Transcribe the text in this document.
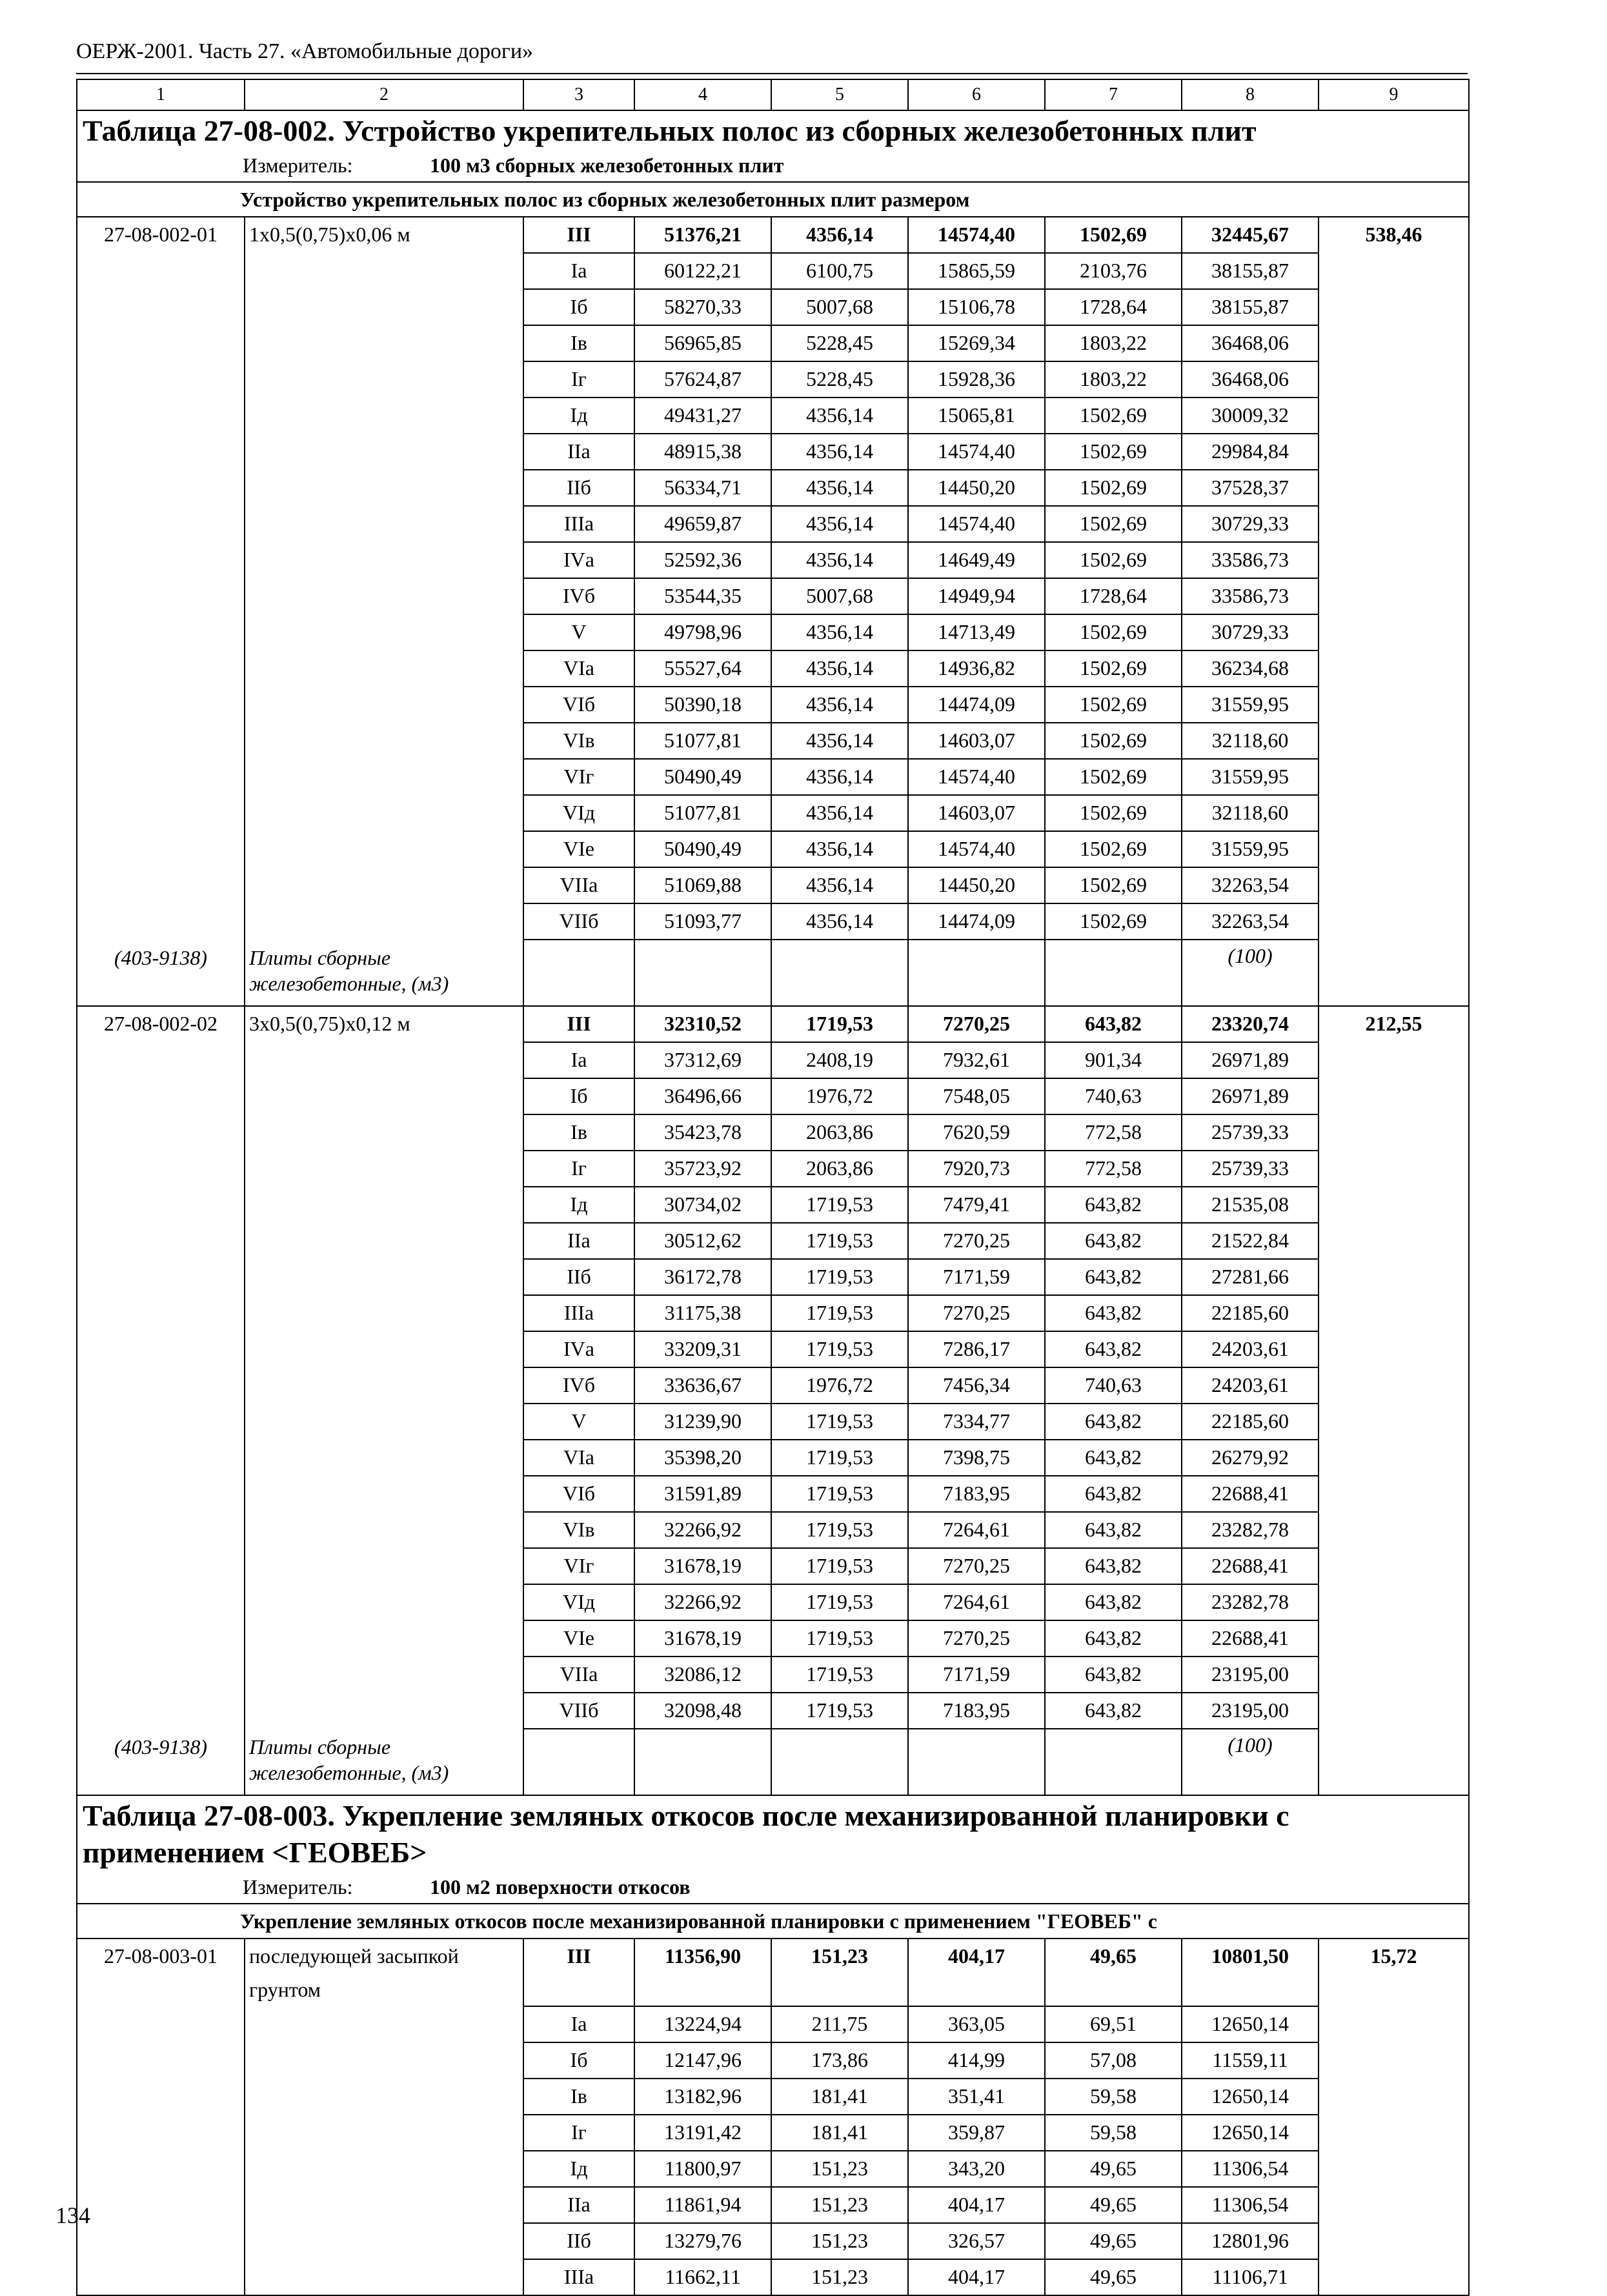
ОЕРЖ-2001. Часть 27. «Автомобильные дороги»
1	2	3	4	5	6	7	8	9
Таблица 27-08-002. Устройство укрепительных полос из сборных железобетонных плит								
Измеритель: 100 м3 сборных железобетонных плит								
Устройство укрепительных полос из сборных железобетонных плит размером								
27-08-002-01	1х0,5(0,75)х0,06 м	III	51376,21	4356,14	14574,40	1502,69	32445,67	538,46
		Iа	60122,21	6100,75	15865,59	2103,76	38155,87	
		Iб	58270,33	5007,68	15106,78	1728,64	38155,87	
		Iв	56965,85	5228,45	15269,34	1803,22	36468,06	
		Iг	57624,87	5228,45	15928,36	1803,22	36468,06	
		Iд	49431,27	4356,14	15065,81	1502,69	30009,32	
		IIа	48915,38	4356,14	14574,40	1502,69	29984,84	
		IIб	56334,71	4356,14	14450,20	1502,69	37528,37	
		IIIа	49659,87	4356,14	14574,40	1502,69	30729,33	
		IVа	52592,36	4356,14	14649,49	1502,69	33586,73	
		IVб	53544,35	5007,68	14949,94	1728,64	33586,73	
		V	49798,96	4356,14	14713,49	1502,69	30729,33	
		VIа	55527,64	4356,14	14936,82	1502,69	36234,68	
		VIб	50390,18	4356,14	14474,09	1502,69	31559,95	
		VIв	51077,81	4356,14	14603,07	1502,69	32118,60	
		VIг	50490,49	4356,14	14574,40	1502,69	31559,95	
		VIд	51077,81	4356,14	14603,07	1502,69	32118,60	
		VIе	50490,49	4356,14	14574,40	1502,69	31559,95	
		VIIа	51069,88	4356,14	14450,20	1502,69	32263,54	
		VIIб	51093,77	4356,14	14474,09	1502,69	32263,54	
(403-9138)	Плиты сборные железобетонные, (м3)						(100)	
27-08-002-02	3х0,5(0,75)х0,12 м	III	32310,52	1719,53	7270,25	643,82	23320,74	212,55
		Iа	37312,69	2408,19	7932,61	901,34	26971,89	
		Iб	36496,66	1976,72	7548,05	740,63	26971,89	
		Iв	35423,78	2063,86	7620,59	772,58	25739,33	
		Iг	35723,92	2063,86	7920,73	772,58	25739,33	
		Iд	30734,02	1719,53	7479,41	643,82	21535,08	
		IIа	30512,62	1719,53	7270,25	643,82	21522,84	
		IIб	36172,78	1719,53	7171,59	643,82	27281,66	
		IIIа	31175,38	1719,53	7270,25	643,82	22185,60	
		IVа	33209,31	1719,53	7286,17	643,82	24203,61	
		IVб	33636,67	1976,72	7456,34	740,63	24203,61	
		V	31239,90	1719,53	7334,77	643,82	22185,60	
		VIа	35398,20	1719,53	7398,75	643,82	26279,92	
		VIб	31591,89	1719,53	7183,95	643,82	22688,41	
		VIв	32266,92	1719,53	7264,61	643,82	23282,78	
		VIг	31678,19	1719,53	7270,25	643,82	22688,41	
		VIд	32266,92	1719,53	7264,61	643,82	23282,78	
		VIе	31678,19	1719,53	7270,25	643,82	22688,41	
		VIIа	32086,12	1719,53	7171,59	643,82	23195,00	
		VIIб	32098,48	1719,53	7183,95	643,82	23195,00	
(403-9138)	Плиты сборные железобетонные, (м3)						(100)	
Таблица 27-08-003. Укрепление земляных откосов после механизированной планировки с применением <ГЕОВЕБ>								
Измеритель: 100 м2 поверхности откосов								
Укрепление земляных откосов после механизированной планировки с применением "ГЕОВЕБ" с								
27-08-003-01	последующей засыпкой грунтом	III	11356,90	151,23	404,17	49,65	10801,50	15,72
		Iа	13224,94	211,75	363,05	69,51	12650,14	
		Iб	12147,96	173,86	414,99	57,08	11559,11	
		Iв	13182,96	181,41	351,41	59,58	12650,14	
		Iг	13191,42	181,41	359,87	59,58	12650,14	
		Iд	11800,97	151,23	343,20	49,65	11306,54	
		IIа	11861,94	151,23	404,17	49,65	11306,54	
		IIб	13279,76	151,23	326,57	49,65	12801,96	
		IIIа	11662,11	151,23	404,17	49,65	11106,71	
134
